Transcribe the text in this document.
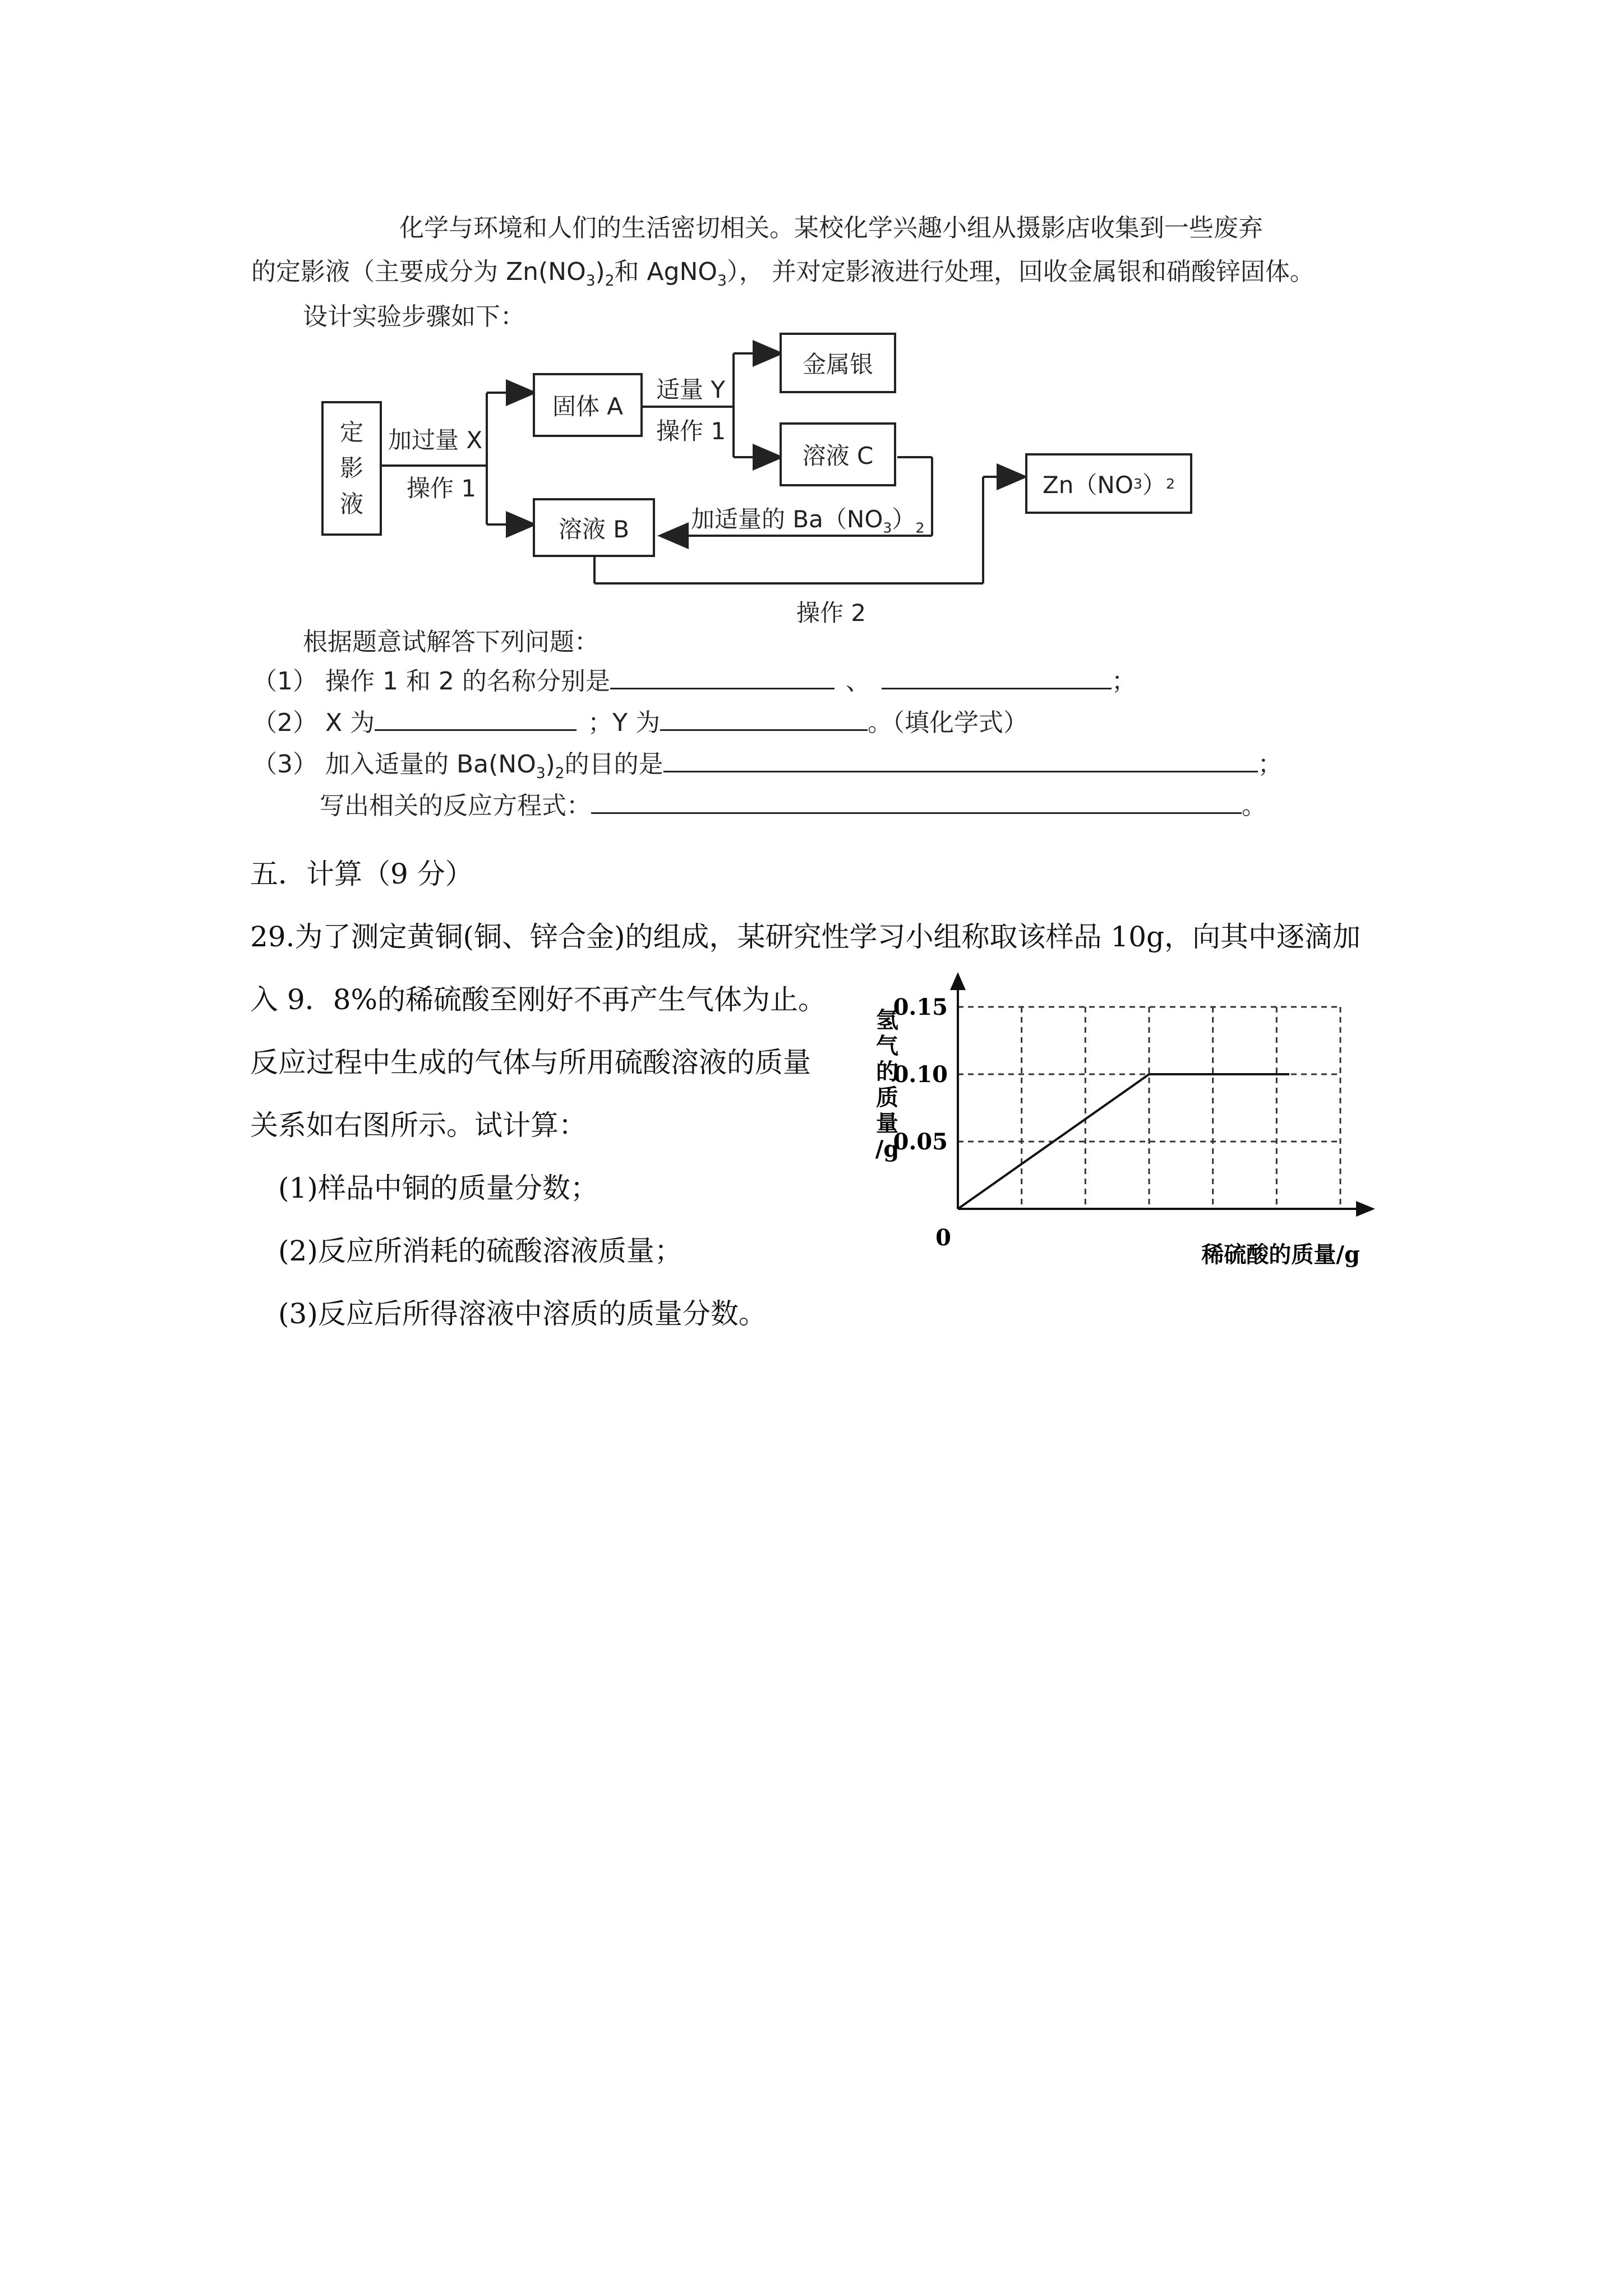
化学与环境和人们的生活密切相关。某校化学兴趣小组从摄影店收集到一些废弃
的定影液（主要成分为 $Zn(NO_3)_2$和 AgNO$_3$）， 并对定影液进行处理，回收金属银和硝酸锌固体。
设计实验步骤如下：
定
影
液
加过量 X
操作 1
固体 A
适量 Y
操作 1
金属银
溶液 C
溶液 B	加适量的 $Ba(NO_3)_2$
Zn（NO 3 ） 2
操作 2
根据题意试解答下列问题：
（1） 操作 1 和 2 的名称分别是	、	；
（2） X 为	；Y 为	。（填化学式）
（3） 加入适量的 $Ba(NO_3)_2$的目的是	；
写出相关的反应方程式：	。
五．计算（9 分）
29.为了测定黄铜(铜、锌合金)的组成，某研究性学习小组称取该样品 10g，向其中逐滴加
入 9．8%的稀硫酸至刚好不再产生气体为止。
反应过程中生成的气体与所用硫酸溶液的质量
关系如右图所示。试计算：
(1)样品中铜的质量分数；
(2)反应所消耗的硫酸溶液质量；
(3)反应后所得溶液中溶质的质量分数。
0.15
0.10
0.05
0
氢
气
的
质
量
/g
稀硫酸的质量/g
